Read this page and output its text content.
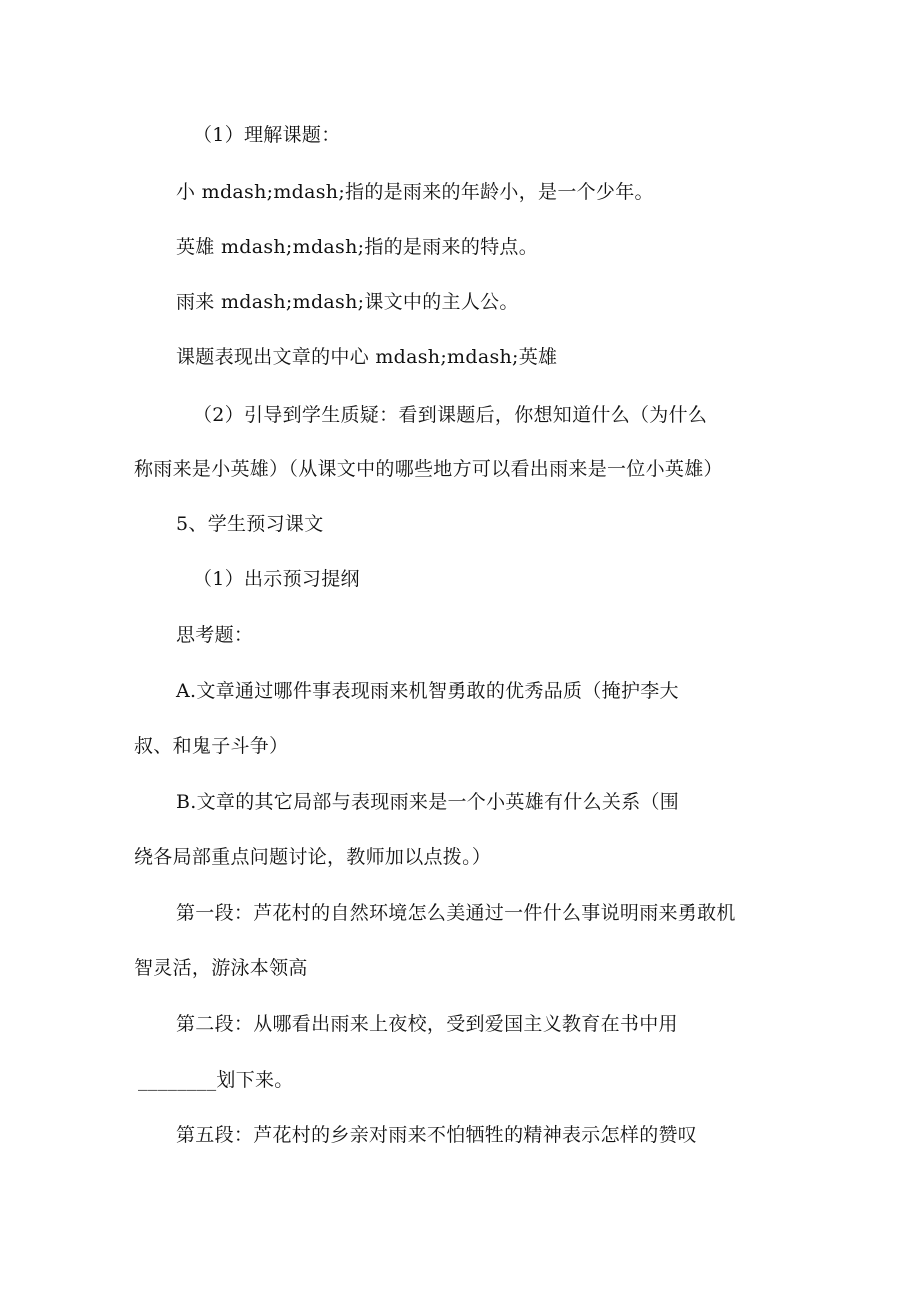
（1）理解课题：
小 mdash;mdash;指的是雨来的年龄小，是一个少年。
英雄 mdash;mdash;指的是雨来的特点。
雨来 mdash;mdash;课文中的主人公。
课题表现出文章的中心 mdash;mdash;英雄
（2）引导到学生质疑：看到课题后，你想知道什么（为什么
称雨来是小英雄）（从课文中的哪些地方可以看出雨来是一位小英雄）
5、学生预习课文
（1）出示预习提纲
思考题：
A.文章通过哪件事表现雨来机智勇敢的优秀品质（掩护李大
叔、和鬼子斗争）
B.文章的其它局部与表现雨来是一个小英雄有什么关系（围
绕各局部重点问题讨论，教师加以点拨。）
第一段：芦花村的自然环境怎么美通过一件什么事说明雨来勇敢机
智灵活，游泳本领高
第二段：从哪看出雨来上夜校，受到爱国主义教育在书中用
________划下来。
第五段：芦花村的乡亲对雨来不怕牺牲的精神表示怎样的赞叹
